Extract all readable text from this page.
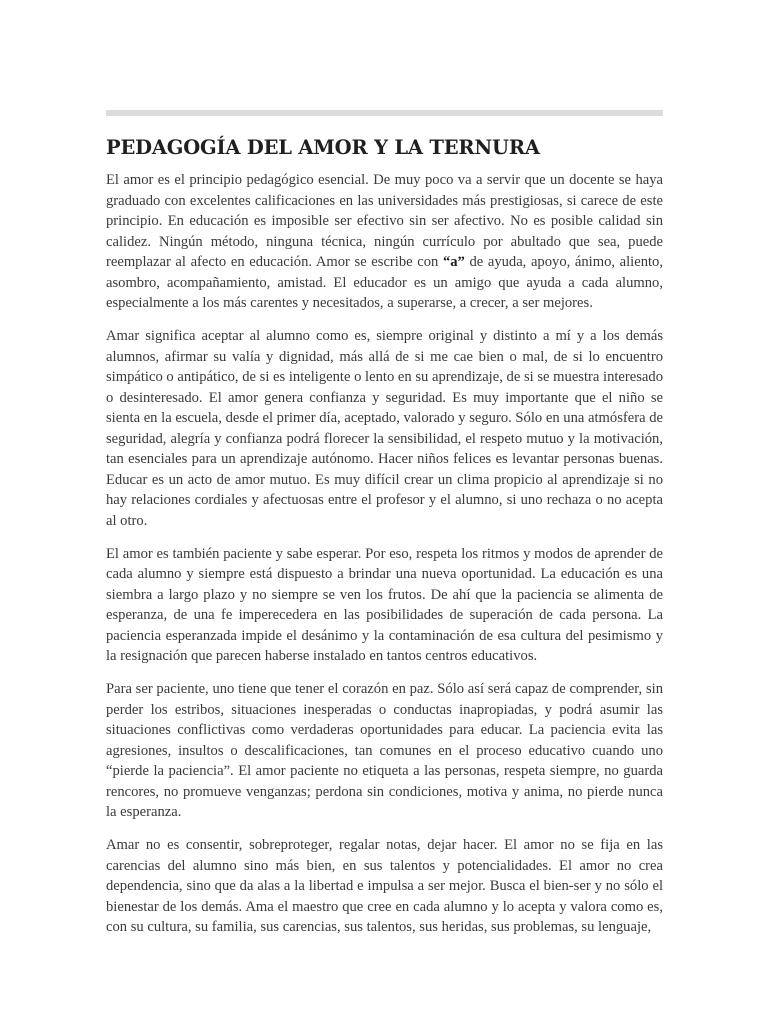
PEDAGOGÍA DEL AMOR Y LA TERNURA

El amor es el principio pedagógico esencial. De muy poco va a servir que un docente se haya graduado con excelentes calificaciones en las universidades más prestigiosas, si carece de este principio. En educación es imposible ser efectivo sin ser afectivo. No es posible calidad sin calidez. Ningún método, ninguna técnica, ningún currículo por abultado que sea, puede reemplazar al afecto en educación. Amor se escribe con “a” de ayuda, apoyo, ánimo, aliento, asombro, acompañamiento, amistad. El educador es un amigo que ayuda a cada alumno, especialmente a los más carentes y necesitados, a superarse, a crecer, a ser mejores.

Amar significa aceptar al alumno como es, siempre original y distinto a mí y a los demás alumnos, afirmar su valía y dignidad, más allá de si me cae bien o mal, de si lo encuentro simpático o antipático, de si es inteligente o lento en su aprendizaje, de si se muestra interesado o desinteresado. El amor genera confianza y seguridad. Es muy importante que el niño se sienta en la escuela, desde el primer día, aceptado, valorado y seguro. Sólo en una atmósfera de seguridad, alegría y confianza podrá florecer la sensibilidad, el respeto mutuo y la motivación, tan esenciales para un aprendizaje autónomo. Hacer niños felices es levantar personas buenas. Educar es un acto de amor mutuo. Es muy difícil crear un clima propicio al aprendizaje si no hay relaciones cordiales y afectuosas entre el profesor y el alumno, si uno rechaza o no acepta al otro.

El amor es también paciente y sabe esperar. Por eso, respeta los ritmos y modos de aprender de cada alumno y siempre está dispuesto a brindar una nueva oportunidad. La educación es una siembra a largo plazo y no siempre se ven los frutos. De ahí que la paciencia se alimenta de esperanza, de una fe imperecedera en las posibilidades de superación de cada persona. La paciencia esperanzada impide el desánimo y la contaminación de esa cultura del pesimismo y la resignación que parecen haberse instalado en tantos centros educativos.

Para ser paciente, uno tiene que tener el corazón en paz. Sólo así será capaz de comprender, sin perder los estribos, situaciones inesperadas o conductas inapropiadas, y podrá asumir las situaciones conflictivas como verdaderas oportunidades para educar. La paciencia evita las agresiones, insultos o descalificaciones, tan comunes en el proceso educativo cuando uno “pierde la paciencia”. El amor paciente no etiqueta a las personas, respeta siempre, no guarda rencores, no promueve venganzas; perdona sin condiciones, motiva y anima, no pierde nunca la esperanza.

Amar no es consentir, sobreproteger, regalar notas, dejar hacer. El amor no se fija en las carencias del alumno sino más bien, en sus talentos y potencialidades. El amor no crea dependencia, sino que da alas a la libertad e impulsa a ser mejor. Busca el bien-ser y no sólo el bienestar de los demás. Ama el maestro que cree en cada alumno y lo acepta y valora como es, con su cultura, su familia, sus carencias, sus talentos, sus heridas, sus problemas, su lenguaje,
